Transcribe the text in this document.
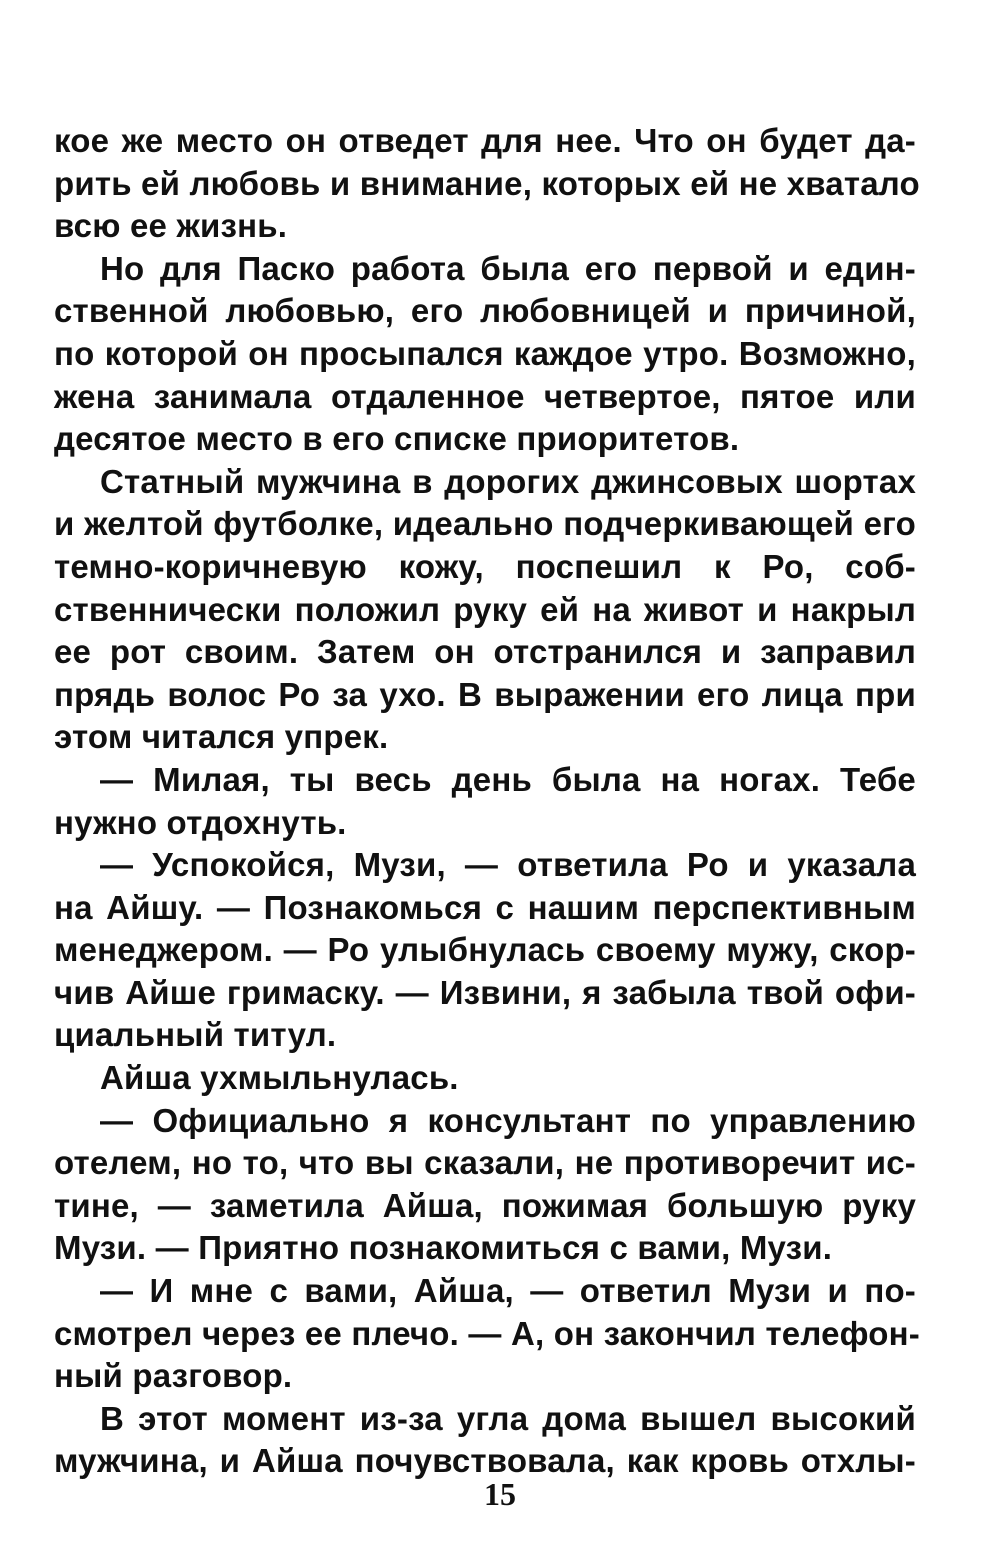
кое же место он отведет для нее. Что он будет да-
рить ей любовь и внимание, которых ей не хватало
всю ее жизнь.
Но для Паско работа была его первой и един-
ственной любовью, его любовницей и причиной,
по которой он просыпался каждое утро. Возможно,
жена занимала отдаленное четвертое, пятое или
десятое место в его списке приоритетов.
Статный мужчина в дорогих джинсовых шортах
и желтой футболке, идеально подчеркивающей его
темно-коричневую кожу, поспешил к Ро, соб-
ственнически положил руку ей на живот и накрыл
ее рот своим. Затем он отстранился и заправил
прядь волос Ро за ухо. В выражении его лица при
этом читался упрек.
— Милая, ты весь день была на ногах. Тебе
нужно отдохнуть.
— Успокойся, Музи, — ответила Ро и указала
на Айшу. — Познакомься с нашим перспективным
менеджером. — Ро улыбнулась своему мужу, скор-
чив Айше гримаску. — Извини, я забыла твой офи-
циальный титул.
Айша ухмыльнулась.
— Официально я консультант по управлению
отелем, но то, что вы сказали, не противоречит ис-
тине, — заметила Айша, пожимая большую руку
Музи. — Приятно познакомиться с вами, Музи.
— И мне с вами, Айша, — ответил Музи и по-
смотрел через ее плечо. — А, он закончил телефон-
ный разговор.
В этот момент из-за угла дома вышел высокий
мужчина, и Айша почувствовала, как кровь отхлы-
15
